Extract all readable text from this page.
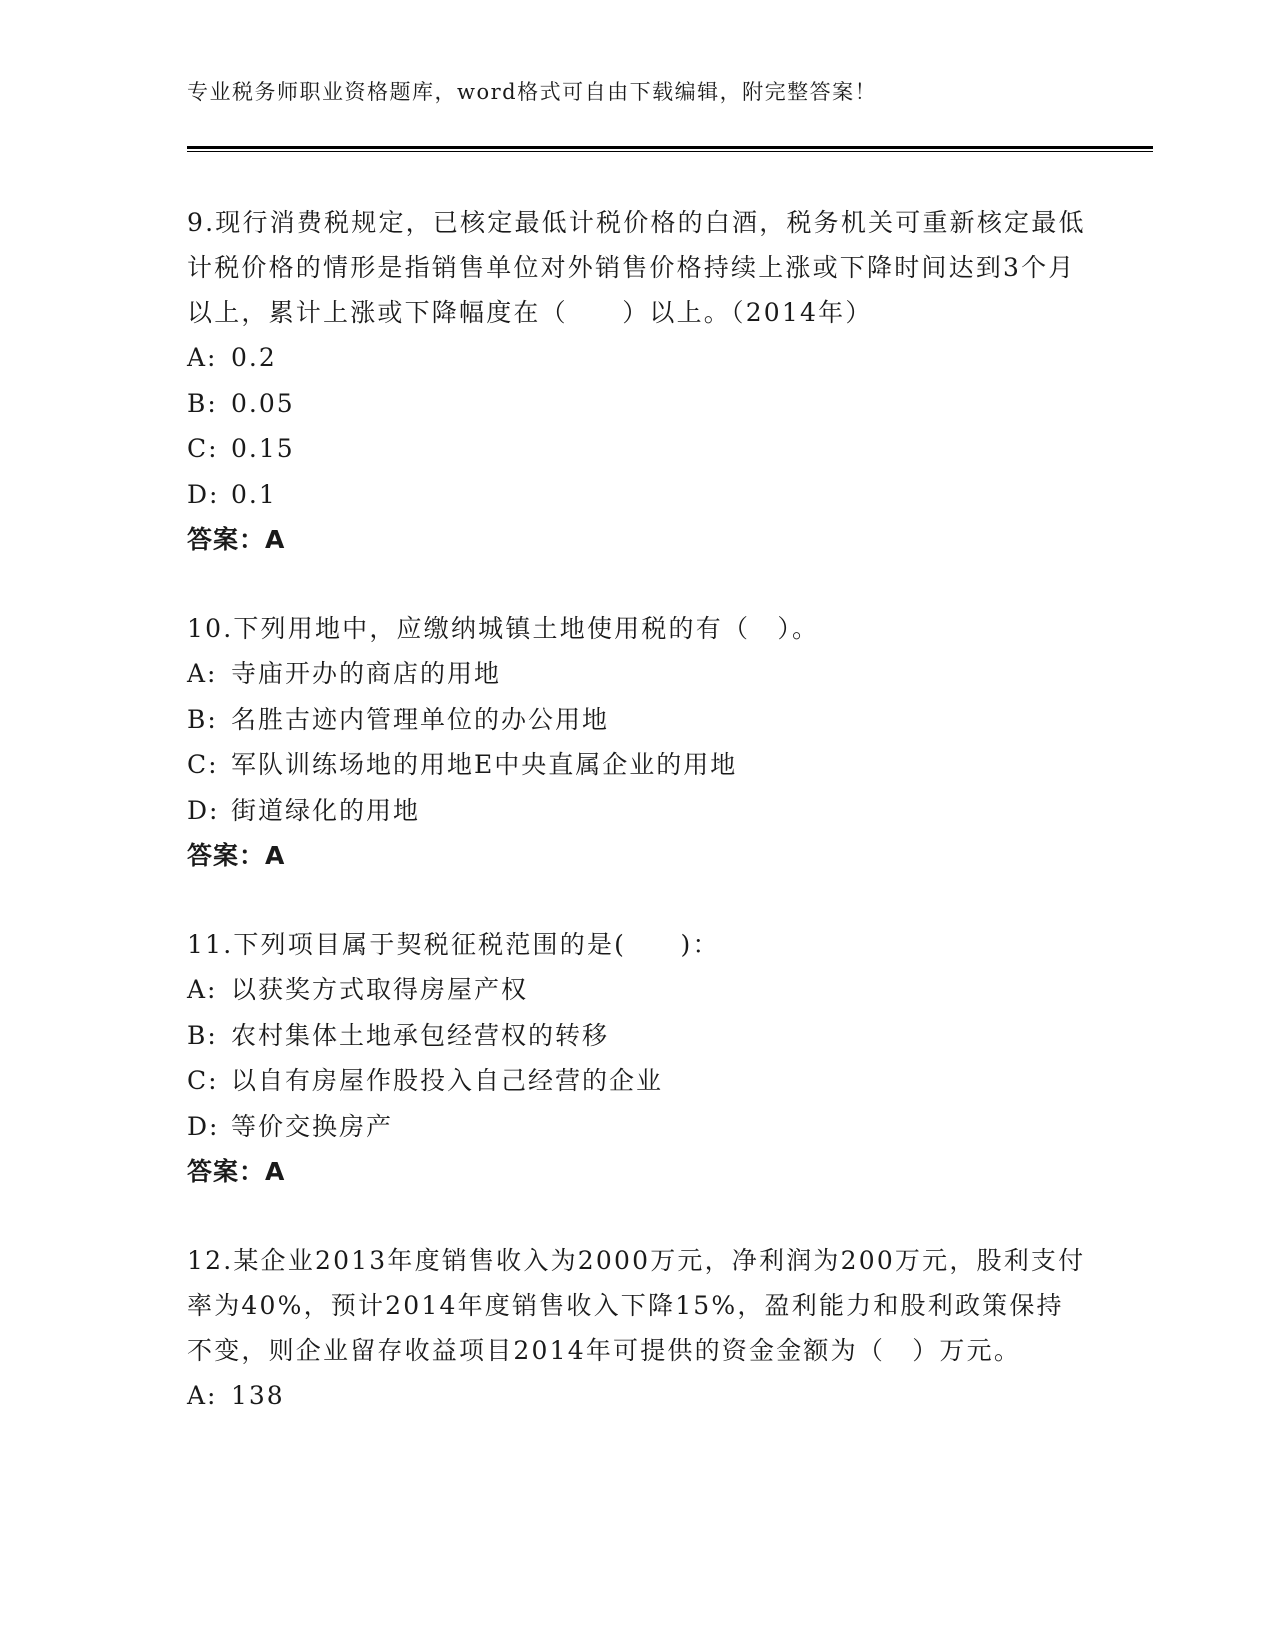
专业税务师职业资格题库，word格式可自由下载编辑，附完整答案！

9.现行消费税规定，已核定最低计税价格的白酒，税务机关可重新核定最低计税价格的情形是指销售单位对外销售价格持续上涨或下降时间达到3个月以上，累计上涨或下降幅度在（　　）以上。（2014年）

A: 0.2
B: 0.05
C: 0.15
D: 0.1
答案：A

10.下列用地中，应缴纳城镇土地使用税的有（　）。

A: 寺庙开办的商店的用地
B: 名胜古迹内管理单位的办公用地
C: 军队训练场地的用地E中央直属企业的用地
D: 街道绿化的用地
答案：A

11.下列项目属于契税征税范围的是(　　)：

A: 以获奖方式取得房屋产权
B: 农村集体土地承包经营权的转移
C: 以自有房屋作股投入自己经营的企业
D: 等价交换房产
答案：A

12.某企业2013年度销售收入为2000万元，净利润为200万元，股利支付率为40%，预计2014年度销售收入下降15%，盈利能力和股利政策保持不变，则企业留存收益项目2014年可提供的资金金额为（　）万元。

A: 138
